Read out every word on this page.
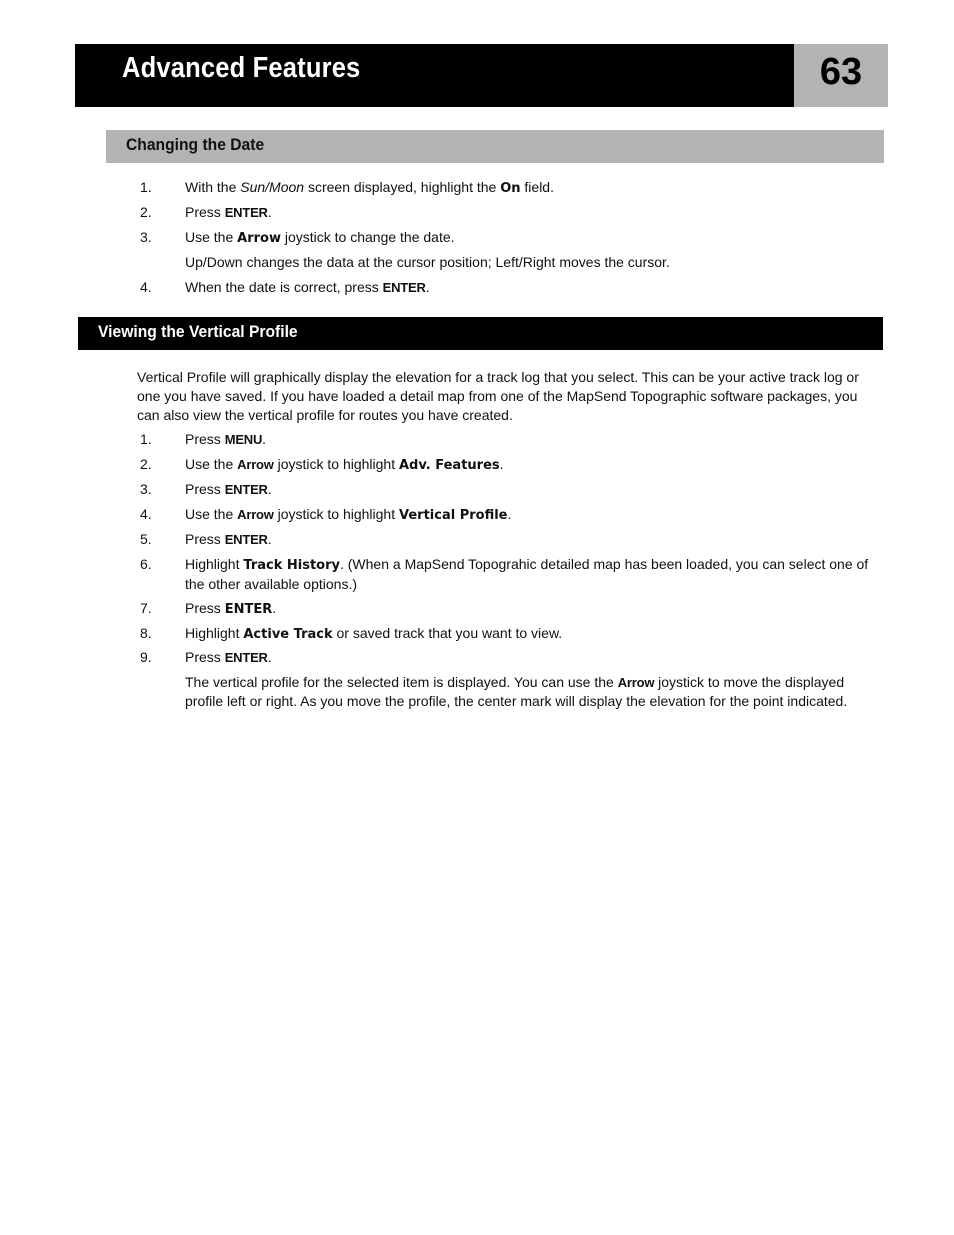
Advanced Features	63
Changing the Date
1.	With the Sun/Moon screen displayed, highlight the On field.
2.	Press ENTER.
3.	Use the Arrow joystick to change the date.
Up/Down changes the data at the cursor position; Left/Right moves the cursor.
4.	When the date is correct, press ENTER.
Viewing the Vertical Profile
Vertical Profile will graphically display the elevation for a track log that you select. This can be your active track log or one you have saved. If you have loaded a detail map from one of the MapSend Topographic software packages, you can also view the vertical profile for routes you have created.
1.	Press MENU.
2.	Use the Arrow joystick to highlight Adv. Features.
3.	Press ENTER.
4.	Use the Arrow joystick to highlight Vertical Profile.
5.	Press ENTER.
6.	Highlight Track History. (When a MapSend Topograhic detailed map has been loaded, you can select one of the other available options.)
7.	Press ENTER.
8.	Highlight Active Track or saved track that you want to view.
9.	Press ENTER.
The vertical profile for the selected item is displayed. You can use the Arrow joystick to move the displayed profile left or right. As you move the profile, the center mark will display the elevation for the point indicated.
